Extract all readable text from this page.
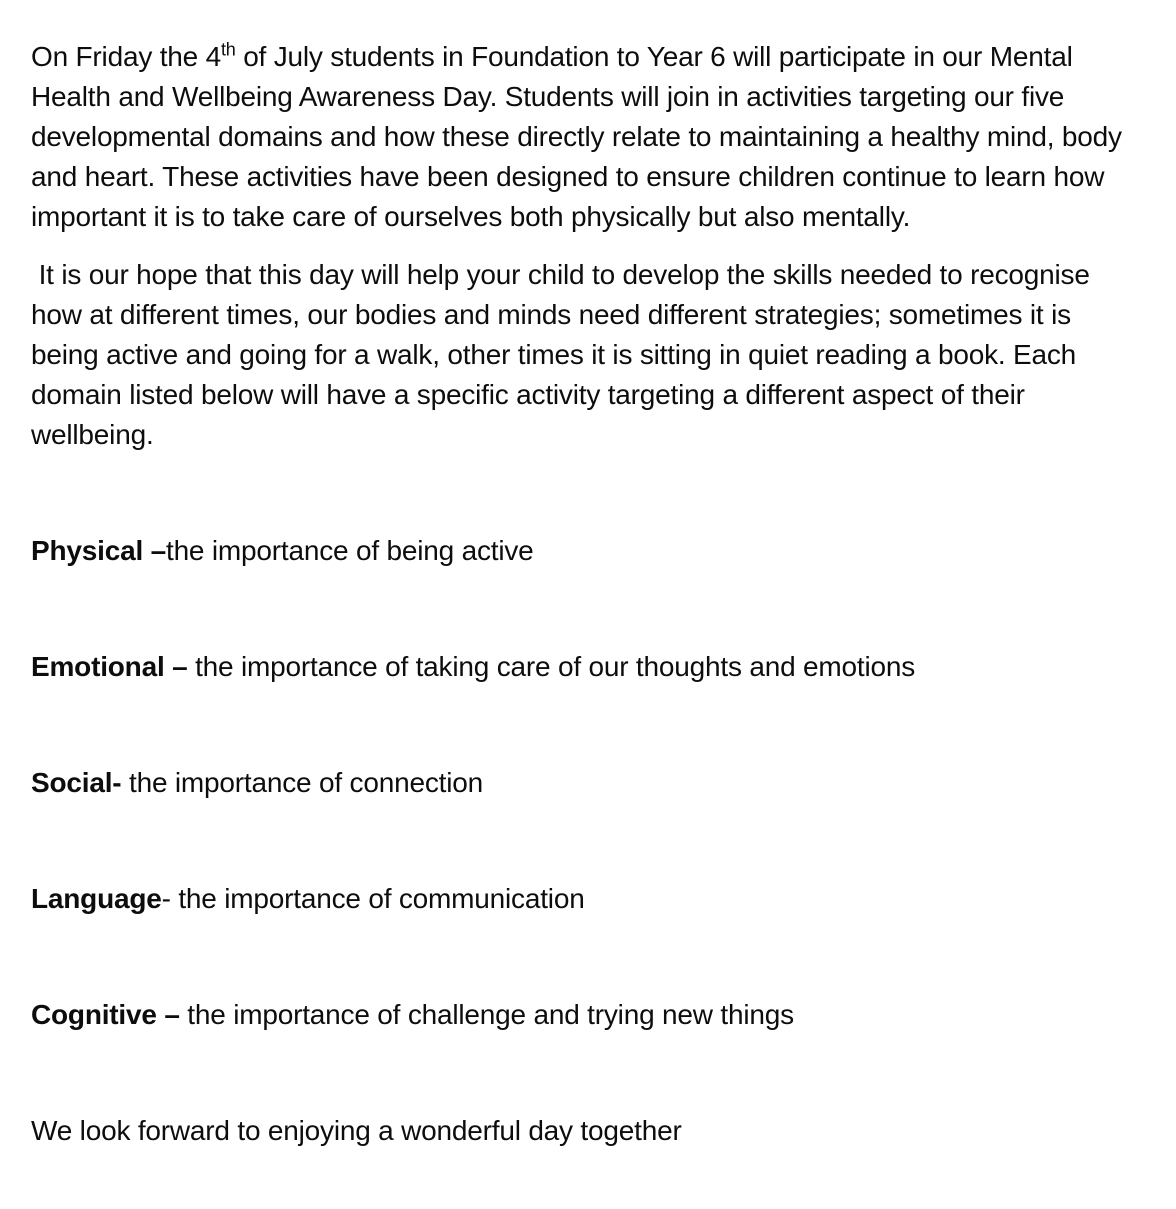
On Friday the 4th of July students in Foundation to Year 6 will participate in our Mental Health and Wellbeing Awareness Day. Students will join in activities targeting our five developmental domains and how these directly relate to maintaining a healthy mind, body and heart. These activities have been designed to ensure children continue to learn how important it is to take care of ourselves both physically but also mentally.

It is our hope that this day will help your child to develop the skills needed to recognise how at different times, our bodies and minds need different strategies; sometimes it is being active and going for a walk, other times it is sitting in quiet reading a book. Each domain listed below will have a specific activity targeting a different aspect of their wellbeing.

Physical –the importance of being active

Emotional – the importance of taking care of our thoughts and emotions

Social- the importance of connection

Language- the importance of communication

Cognitive – the importance of challenge and trying new things

We look forward to enjoying a wonderful day together
